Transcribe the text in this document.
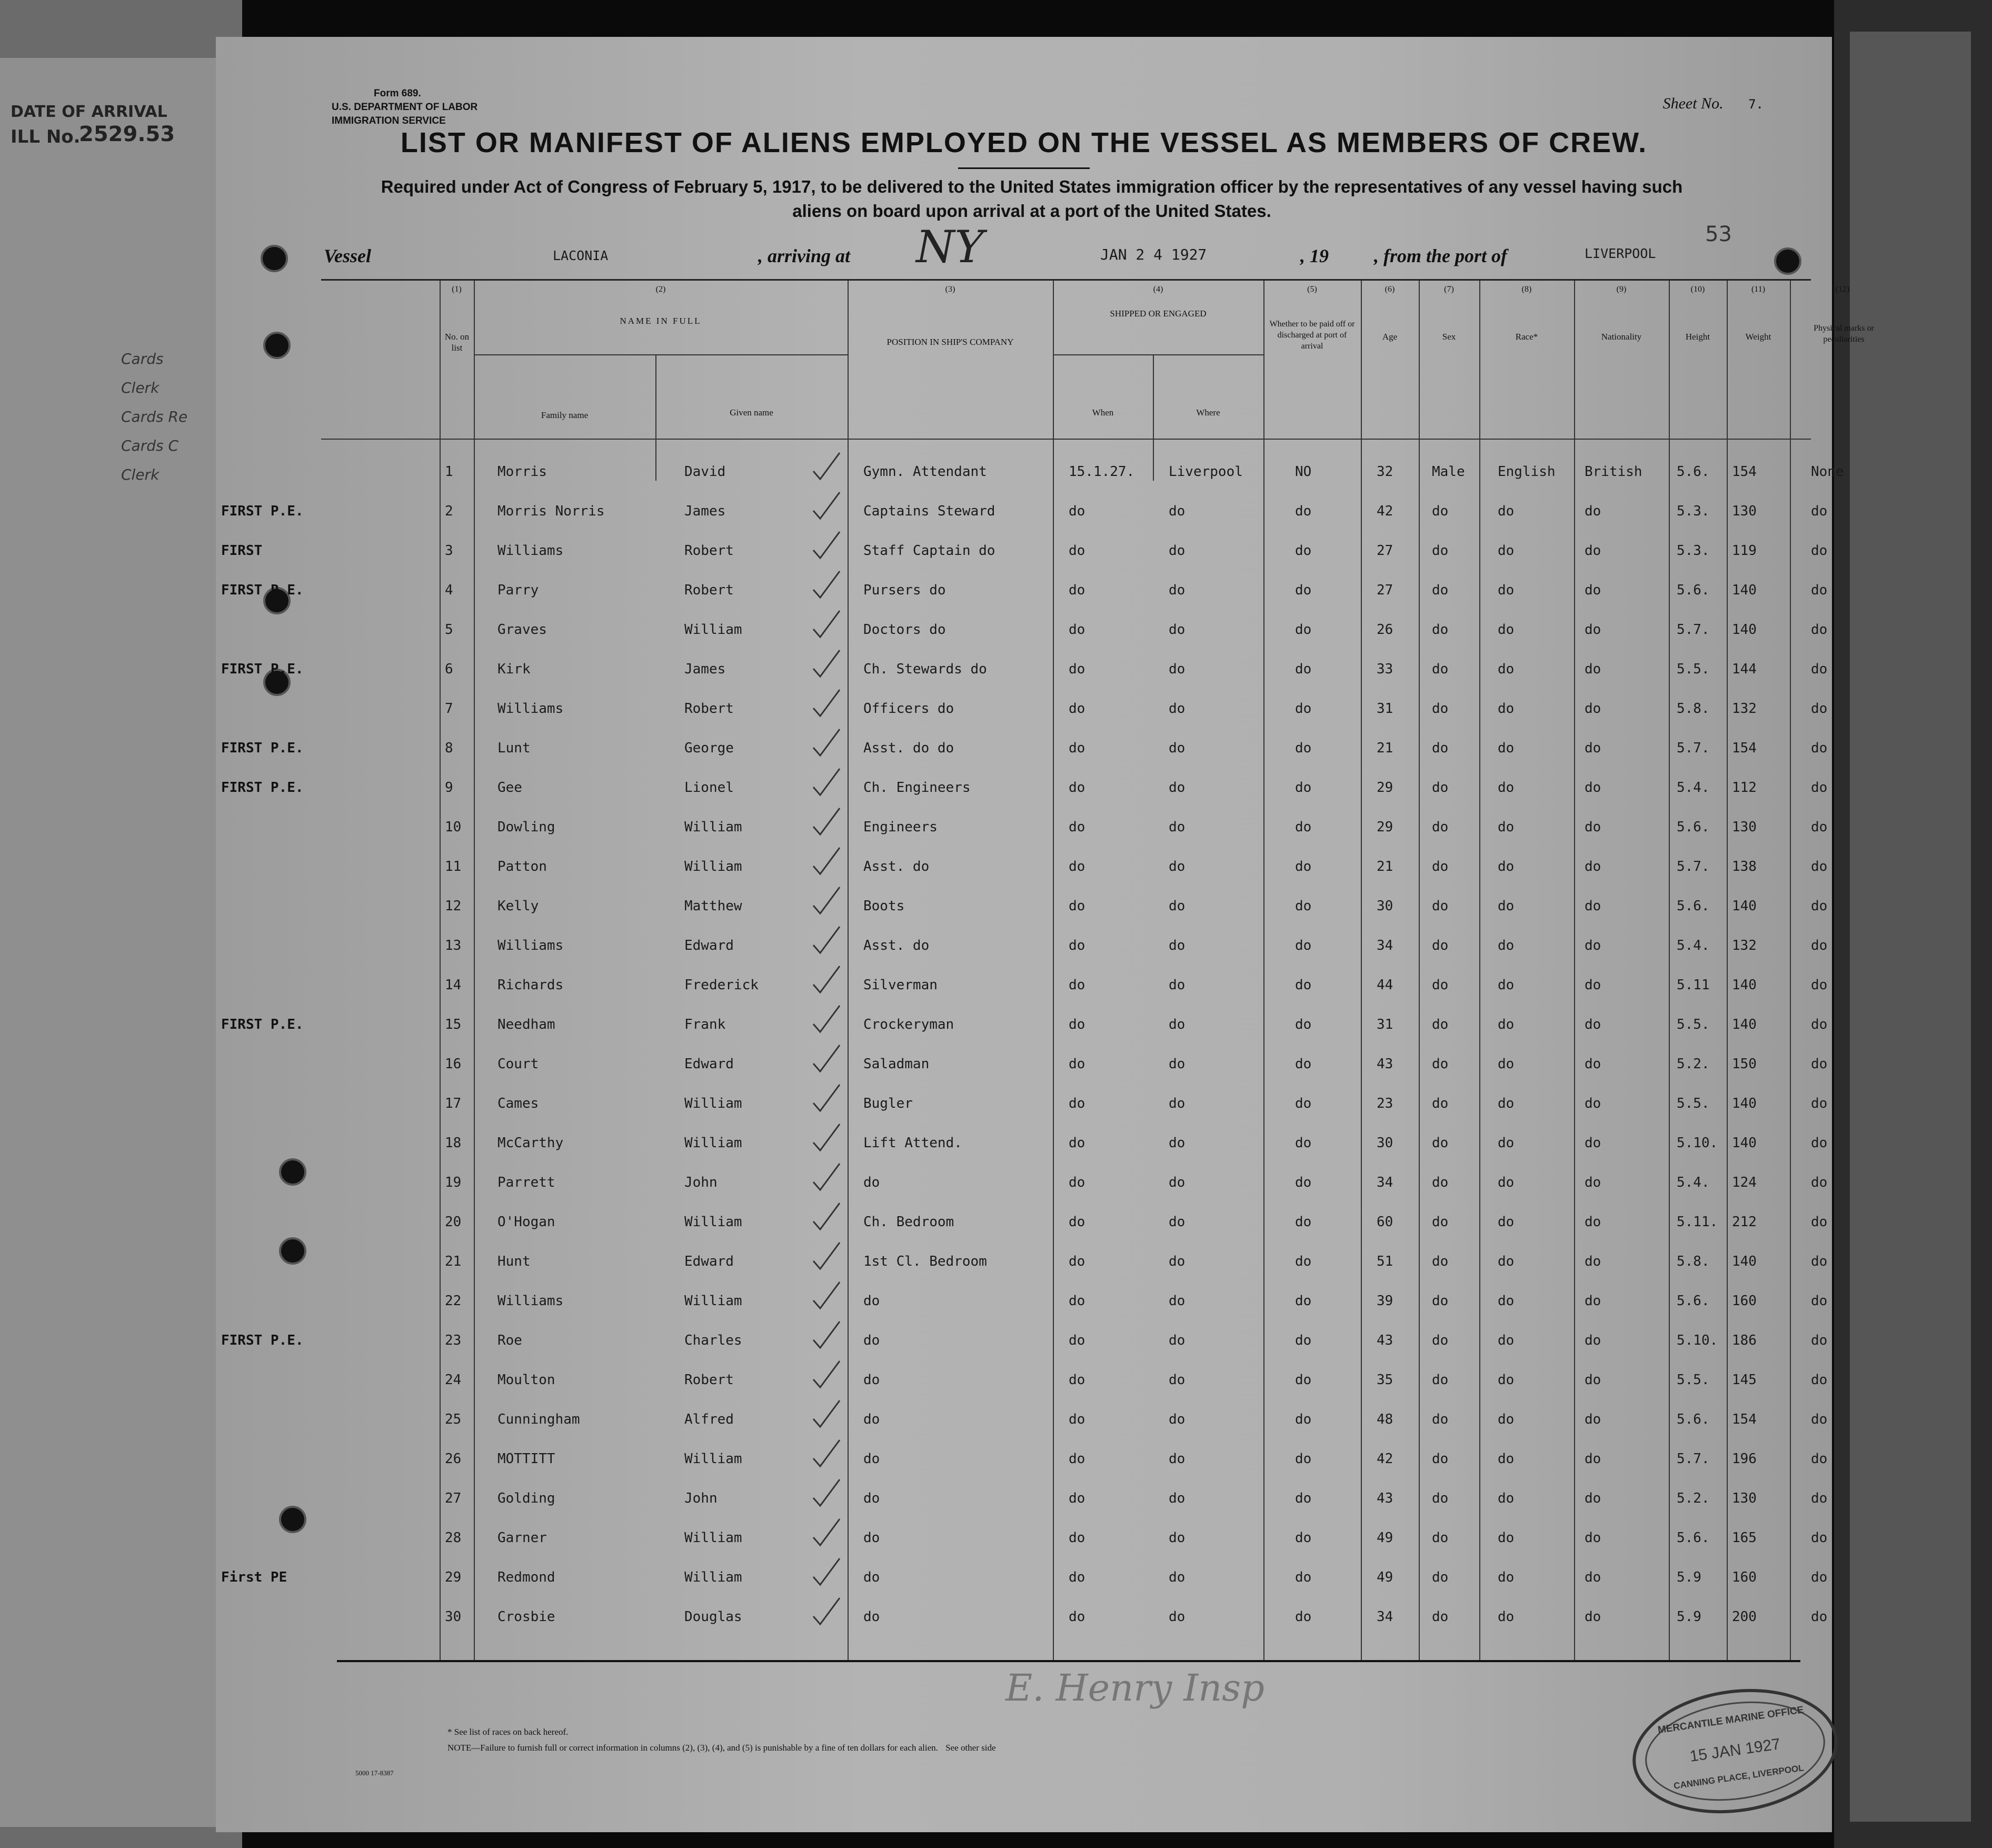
DATE OF ARRIVAL
ILL No.
2529.53
Cards
Clerk
Cards Re
Cards C
Clerk
Form 689.
U.S. DEPARTMENT OF LABOR
IMMIGRATION SERVICE
Sheet No. 7.
LIST OR MANIFEST OF ALIENS EMPLOYED ON THE VESSEL AS MEMBERS OF CREW.
Required under Act of Congress of February 5, 1917, to be delivered to the United States immigration officer by the representatives of any vessel having such
aliens on board upon arrival at a port of the United States.
53
Vessel	LACONIA	, arriving at NY	JAN 2 4 1927	, 19 , from the port of	LIVERPOOL
(1)
No. on list
(2)
NAME IN FULL
Family name	Given name
(3)
POSITION IN SHIP'S COMPANY
(4)
SHIPPED OR ENGAGED
When	Where
(5)
Whether to be paid off or discharged at port of arrival
(6)
Age
(7)
Sex
(8)
Race*
(9)
Nationality
(10)
Height
(11)
Weight
(12)
Physical marks or peculiarities
1	Morris	David	Gymn. Attendant	15.1.27. Liverpool	NO	32	Male English British	5.6. 154	None
2	Morris Norris	James	Captains Steward	do	do	do	42	do	do	do	5.3. 130	do
FIRST P.E.
3	Williams	Robert	Staff Captain do	do	do	do	27	do	do	do	5.3. 119	do
FIRST
4	Parry	Robert	Pursers do	do	do	do	27	do	do	do	5.6. 140	do
FIRST P.E.
5	Graves	William	Doctors do	do	do	do	26	do	do	do	5.7. 140	do
6	Kirk	James	Ch. Stewards do	do	do	do	33	do	do	do	5.5. 144	do
FIRST P.E.
7	Williams	Robert	Officers do	do	do	do	31	do	do	do	5.8. 132	do
8	Lunt	George	Asst. do do	do	do	do	21	do	do	do	5.7. 154	do
FIRST P.E.
9	Gee	Lionel	Ch. Engineers	do	do	do	29	do	do	do	5.4. 112	do
FIRST P.E.
10	Dowling	William	Engineers	do	do	do	29	do	do	do	5.6. 130	do
11	Patton	William	Asst. do	do	do	do	21	do	do	do	5.7. 138	do
12	Kelly	Matthew	Boots	do	do	do	30	do	do	do	5.6. 140	do
13	Williams	Edward	Asst. do	do	do	do	34	do	do	do	5.4. 132	do
14	Richards	Frederick	Silverman	do	do	do	44	do	do	do	5.11 140	do
15	Needham	Frank	Crockeryman	do	do	do	31	do	do	do	5.5. 140	do
FIRST P.E.
16	Court	Edward	Saladman	do	do	do	43	do	do	do	5.2. 150	do
17	Cames	William	Bugler	do	do	do	23	do	do	do	5.5. 140	do
18	McCarthy	William	Lift Attend.	do	do	do	30	do	do	do	5.10. 140	do
19	Parrett	John	do	do	do	do	34	do	do	do	5.4. 124	do
20	O'Hogan	William	Ch. Bedroom	do	do	do	60	do	do	do	5.11. 212	do
21	Hunt	Edward	1st Cl. Bedroom	do	do	do	51	do	do	do	5.8. 140	do
22	Williams	William	do	do	do	do	39	do	do	do	5.6. 160	do
23	Roe	Charles	do	do	do	do	43	do	do	do	5.10. 186	do
FIRST P.E.
24	Moulton	Robert	do	do	do	do	35	do	do	do	5.5. 145	do
25	Cunningham	Alfred	do	do	do	do	48	do	do	do	5.6. 154	do
26	MOTTITT	William	do	do	do	do	42	do	do	do	5.7. 196	do
27	Golding	John	do	do	do	do	43	do	do	do	5.2. 130	do
28	Garner	William	do	do	do	do	49	do	do	do	5.6. 165	do
29	Redmond	William	do	do	do	do	49	do	do	do	5.9 160	do
First PE
30	Crosbie	Douglas	do	do	do	do	34	do	do	do	5.9 200	do
E. Henry Insp
* See list of races on back hereof.
NOTE—Failure to furnish full or correct information in columns (2), (3), (4), and (5) is punishable by a fine of ten dollars for each alien. See other side
5000 17-8387
MERCANTILE MARINE OFFICE
15 JAN 1927
CANNING PLACE, LIVERPOOL
